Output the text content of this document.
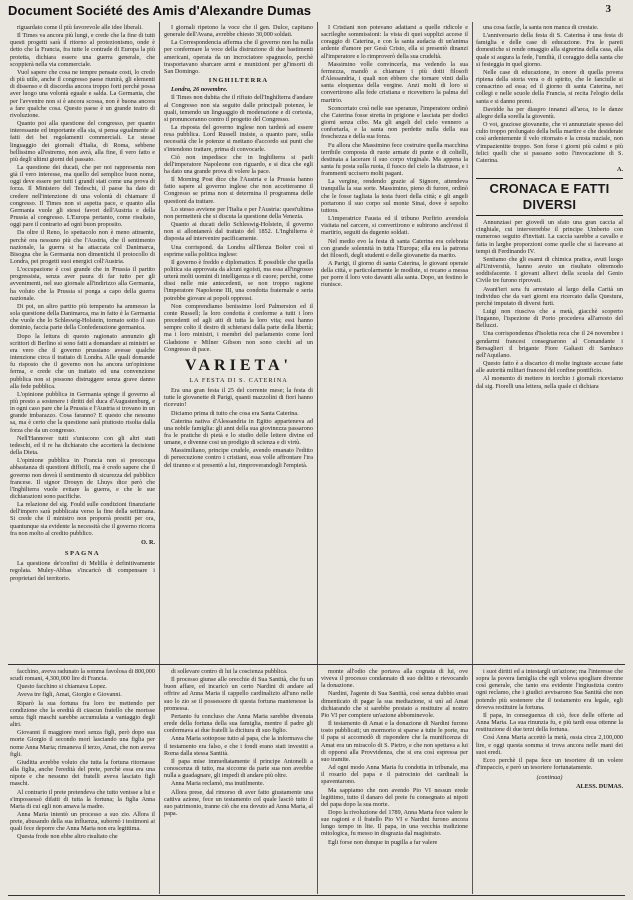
Document Société des Amis d'Alexandre Dumas	3

riguardato come il più favorevole alle idee liberali.

Il Times va ancora più lungi, e crede che la fine di tutti questi progetti sarà il ritorno al protezionismo, onde è detto che la Francia, fra tutte le contrade di Europa la più protetta, dichiara essere una guerra generale, che scoppierà nella via commerciale.

Vuol sapere che cosa ne tempre pensate costi, lo credo di più utile, anche il congresso paese riunirà, gli elementi di dissenso e di discordia ancora troppo forti perchè possa aver luogo una volontà eguale e salda. La Germania, che per l'avvenire non si è ancora scossa, non è buona ancora a fare qualche cosa. Questo paese è un grande teatro di rivoluzione.

Quanto poi alla questione del congresso, per quanto interessante ed importante ella sia, si pensa egualmente al fatti dei bei regolamenti commerciali. Le stesse linguaggio dei giornali d'Italia, di Roma, sebbene bellissimo all'estremo, non avrà, alla fine, il vero fatto e più degli ultimi giorni del passato.

La questione dei ducati, che per noi rappresenta non già il vero interesse, ma quello del semplice buon nome, oggi deve essere per tutti i grandi stati come una prova di forza. Il Ministero del Tedeschi, il paese ha dato di credere nell'intenzione di una volontà di chiamare il congresso. Il Times non si aspetta pace, e quanto alla Germania vuole gli stessi favori dell'Austria e della Prussia al congresso. L'Europa pertanto, come risultato, oggi pare il contrario ad ogni buon proposito.

Da oltre il Reno, lo spettacolo non è meno attraente, perchè ora nessuno più che l'Austria, che il sentimento nazionale, la guerra si ha attaccata col Danimarca, Bisogna che la Germania non dimentichi il protocollo di Londra, pei progetti suoi energici coll'Austria.

L'occupazione è cosi grande che in Prussia il partito progressista, senza aver paura di far tutto per gli avvenimenti, nel suo giornale all'indirizzo alla Germania, ha voluto che la Prussia si ponga a capo della guerra nazionale.

Di poi, un altro partito più temperato ha ammesso la sola questione della Danimarca, ma in fatto è la Germania che vuole che lo Schleswig-Holstein, tornato sotto il suo dominio, faccia parte della Confederazione germanica.

Dopo la lettura di questo ragionato annunzio gli scrittori di Berlino si sono fatti a domandare ai ministri se era vero che il governo prussiano avesse qualche intenzione circa il trattato di Londra. Alle quali domande fu risposto che il governo non ha ancora un'opinione ferma, e crede che un trattato ed una convenzione pubblica non si possono distruggere senza grave danno alla fede pubblica.

L'opinione pubblica in Germania spinge il governo al più presto a sostenere i diritti del duca d'Augustenburg, e in ogni caso pare che la Prussia e l'Austria si trovano in un grande imbarazzo. Cosa faranno? E questo che nessuno sa, ma è certo che la questione sarà piuttosto risolta dalla forza che da un congresso.

Nell'Hannover tutti s'uniscono con gli altri stati tedeschi, ed il re ha dichiarato che accetterà la decisione della Dieta.

L'opinione pubblica in Francia non si preoccupa abbastanza di questioni difficili, ma è credo sapere che il governo non dovrà il sentimento di sicurezza del pubblico francese. Il signor Drouyn de Lhuys dice però che l'Inghilterra vuole evitare la guerra, e che le sue dichiarazioni sono pacifiche.

La relazione del sig. Fould sulle condizioni finanziarie dell'impero sarà pubblicata verso la fine della settimana. Si crede che il ministro non proporrà prestiti per ora, quantunque sia evidente la necessità che il governo ricorra fra non molto al credito pubblico.

O. R.

SPAGNA

La questione de'confini di Melilla è definitivamente regolata. Muley-Abbas s'incaricò di compensare i proprietari del territorio.

I giornali ripetono la voce che il gen. Dulce, capitano generale dell'Avana, avrebbe chiesto 30,000 soldati.

La Correspondencia afferma che il governo non ha nulla per confermare la voce della distruzione di due bastimenti americani, operata da un incrociatore spagnuolo, perchè trasportavano sbarcare armi e munizioni per gl'insorti di San Domingo.

INGHILTERRA

Londra, 26 novembre.

Il Times non dubita che il rifiuto dell'Inghilterra d'andare al Congresso non sia seguito dalle principali potenze, le quali, temendo un linguaggio di moderazione e di cortesia, si pronunceranno contro il progetto del Congresso.

La risposta del governo inglese non tarderà ad essere resa pubblica. Lord Russell insiste, a quanto pare, sulla necessità che le potenze si mettano d'accordo sui punti che s'intendono trattare, prima di convocarle.

Ciò non impedisce che in Inghilterra si parli dell'imperatore Napoleone con riguardo, e si dica che egli ha dato una grande prova di volere la pace.

Il Morning Post dice che l'Austria e la Prussia hanno fatto sapere al governo inglese che non accetteranno il Congresso se prima non si determina il programma delle questioni da trattare.

Lo stesso avviene per l'Italia e per l'Austria: quest'ultima non permetterà che si discuta la questione della Venezia.

Quanto ai ducati dello Schleswig-Holstein, il governo non si allontanerà dal trattato del 1852. L'Inghilterra è disposta ad intervenire pacificamente.

Una corrispond. da Londra all'Ilenza Bolter così si esprime sulla politica inglese:

Il governo è freddo e diplomatico. È possibile che quella politica sia approvata da alcuni egoisti, ma essa all'ingrosso urterà molti uomini di intelligenza e di cuore; perchè, come dissi nelle mie antecedenti, se non troppo ragione l'imperatore Napoleone III, una condotta fraternale e seria potrebbe giovare ai popoli oppressi.

Non comprendiamo benissimo lord Palmerston ed il conte Russell; la loro condotta è conforme a tutti i loro precedenti ed agli atti di tutta la loro vita; essi hanno sempre colto il destro di schierarsi dalla parte della libertà; ma i loro ministri, i membri del parlamento come lord Gladstone e Milner Gibson non sono ciechi ad un Congresso di pace.

VARIETA'
LA FESTA DI S. CATERINA

Era una gran festa il 25 del corrente mese; la festa di tutte le giovanette di Parigi, quanti mazzolini di fiori hanno ricevuto!

Diciamo prima di tutto che cosa era Santa Caterina.

Caterina nativa d'Alessandria in Egitto apparteneva ad una nobile famiglia: gli anni della sua giovinezza passarono fra le pratiche di pietà e lo studio delle lettere divine ed umane, e divenne cosi un prodigio di scienza e di virtù.

Massimiliano, principe crudele, avendo emanato l'editto di persecuzione contro i cristiani, essa volle affrontare l'ira del tiranno e si presentò a lui, rimproverandogli l'empietà.

I Cristiani non potevano adattarsi a quelle ridicole e sacrileghe sommissioni: la vista di quei supplizi accese il coraggio di Caterina, e con la santa audacia di un'anima ardente d'amore per Gesù Cristo, ella si presentò dinanzi all'imperatore e lo rimproverò della sua crudeltà.

Massimino volle convincerla, ma vedendo la sua fermezza, mandò a chiamare i più dotti filosofi d'Alessandria, i quali non ebbero che tornare vinti dalla santa eloquenza della vergine. Anzi molti di loro si convertirono alla fede cristiana e ricevettero la palma del martirio.

Sconcertato così nelle sue speranze, l'imperatore ordinò che Caterina fosse stretta in prigione e lasciata per dodici giorni senza cibo. Ma gli angeli del cielo vennero a confortarla, e la santa non perdette nulla della sua freschezza e della sua forza.

Fu allora che Massimino fece costruire quella macchina terribile composta di ruote armate di punte e di coltelli, destinata a lacerare il suo corpo virginale. Ma appena la santa fu posta sulla ruota, il fuoco del cielo la distrusse, e i frammenti uccisero molti pagani.

La vergine, rendendo grazie al Signore, attendeva tranquilla la sua sorte. Massimino, pieno di furore, ordinò che le fosse tagliata la testa fuori della città; e gli angeli portarono il suo corpo sul monte Sinai, dove è sepolto tuttora.

L'imperatrice Fausta ed il tribuno Porfirio avendola visitata nel carcere, si convertirono e subirono anch'essi il martirio, seguiti da dugento soldati.

Nel medio evo la festa di santa Caterina era celebrata con grande solennità in tutta l'Europa; ella era la patrona dei filosofi, degli studenti e delle giovanette da marito.

A Parigi, il giorno di santa Caterina, le giovani operaie della città, e particolarmente le modiste, si recano a messa per porre il loro voto davanti alla santa. Dopo, un festino le riunisce.

una cosa facile, la santa non manca di crestaie.

L'anniversario della festa di S. Caterina è una festa di famiglia e delle case di educazione. Fra le pareti domestiche si rende omaggio alla signorina della casa, alla quale si augura la fede, l'umiltà, il coraggio della santa che si festeggia in quel giorno.

Nelle case di educazione, in onore di quella povera ripiena della storia vera o di spirito, che le fanciulle si consacrino ad essa; ed il giorno di santa Caterina, nei collegi e nelle scuole della Francia, si recita l'elogio della santa e si danno premi.

Davidde ha per diaspro innanzi all'arca, io le danze allegre della sorella la gioventù.

O voi, graziose giovanette, che vi annunziate spesso del culto troppo prolungato della bella martire e che desiderate così ardentemente il velo ritornato e la cresta nuziale, non v'impazientite troppo. Son forse i giorni più calmi e più felici quelli che si passano sotto l'invocazione di S. Caterina.

A.

CRONACA E FATTI DIVERSI

Annunziasi per giovedì un sfato una gran caccia al cinghiale, cui interverrebbe il principe Umberto con numeroso seguito d'invitati. La caccia sarebbe a cavallo e fatta in larghe proporzioni come quelle che si facevano ai tempi di Ferdinando IV.

Sentiamo che gli esami di chimica pratica, avuti luogo all'Università, hanno avuto un risultato oltremodo soddisfacente. I giovani allievi della scuola del Genio Civile tre furono riprovati.

Avant'ieri sera fu arrestato al largo della Carità un individuo che da vari giorni era ricercato dalla Questura, perchè imputato di diversi furti.

Luigi non riusciva che a metà, giacchè scoperto l'inganno, l'ispezione di Porto procedeva all'arresto del Belluzzi.

Una corrispondenza d'Isoletta reca che il 24 novembre i gendarmi francesi consegnarono al Comandante i Bersaglieri il brigante Fiore Galiasti di Sambuco nell'Aquilano.

Questo fatto è a discarico di molte ingiuste accuse fatte alle autorità militari francesi del confine pontificio.

Al momento di mettere in torchio i giornali riceviamo dal sig. Fiorelli una lettera, nella quale ci dichiara

facchino, aveva radunato la somma favolosa di 800,000 scudi romani, 4,300,000 lire di Francia.

Questo facchino si chiamava Lopez.

Aveva tre figli, Amat, Giorgio e Giovanni.

Riparò la sua fortuna fra loro tre mettendo per condizione che la eredità di ciascun fratello che morisse senza figli maschi sarebbe accumulata a vantaggio degli altri.

Giovanni il maggiore morì senza figli, però dopo sua morte Giorgio il secondo morì lasciando una figlia per nome Anna Maria; rimaneva il terzo, Amat, che non aveva figli.

Giuditta avrebbe voluto che tutta la fortuna ritornasse alla figlia, anche l'eredità del prete, perchè essa era una nipote e che nessuno dei fratelli aveva lasciato figli maschi.

Al contrario il prete pretendeva che tutto venisse a lui e s'impossessò difatti di tutta la fortuna; la figlia Anna Maria di cui egli non amava la madre.

Anna Maria intentò un processo a suo zio. Allora il prete, abusando della sua influenza, subornò i testimoni ai quali fece deporre che Anna Maria non era legittima.

Questa frode non ebbe altro risultato che

di sollevare contro di lui la coscienza pubblica.

Il processo giunse alle orecchie di Sua Santità, che fu un buon affare, ed incaricò un certo Nardini di andare ad offrire ad Anna Maria il cappello cardinalizio all'uno nelle suo lo zio se il possessore di questa fortuna mantenesse la promessa.

Pertanto fu concluso che Anna Maria sarebbe divenuta erede della fortuna della sua famiglia, mentre il padre gli confermava ai due fratelli la dicitura di suo figlio.

Anna Maria sottopose tutto al papa, che la informava che il testamento era falso, e che i fondi erano stati investiti a Roma dalla stessa Santità.

Il papa mise immediatamente il principe Antonelli a conoscenza di tutto, ma siccome da parte sua non avrebbe nulla a guadagnare, gli impedi di andare più oltre.

Anna Maria reclamò, ma inutilmente.

Allora prese, dal rimorso di aver fatto giustamente una cattiva azione, fece un testamento col quale lasciò tutto il suo patrimonio, tranne ciò che era dovuto ad Anna Maria, al papa.

monte all'odio che portava alla cognata di lui, ove viveva il processo condannato di suo delitto e rievocando la donazione.

Nardini, l'agente di Sua Santità, così senza dubbio erasi dimenticato di pagar la sua mediazione, si unì ad Amat dichiarando che si sarebbe prestato a restituire al nostro Pio VI per compiere un'azione abbominevole.

Il testamento di Amat e la donazione di Nardini furono tosto pubblicati; un mormorio si sparse a tutte le porte, ma il papa si accomodò di rispondere che la munificenza di Amat era un miracolo di S. Pietro, e che non spettava a lui di opporsi alla Provvidenza, che si era così espressa per suo tramite.

Ad ogni modo Anna Maria fu condotta in tribunale, ma il rosario del papa e il patrocinio dei cardinali la spaventarono.

Ma sappiamo che non avendo Pio VI nessun erede legittimo, tutto il danaro del prete fu consegnato ai nipoti del papa dopo la sua morte.

Dopo la rivoluzione del 1789, Anna Maria fece valere le sue ragioni e il fratello Pio VI e Nardini furono ancora lungo tempo in lite. Il papa, in una vecchia tradizione mitologica, fu messo in disgrazia dal magistrato.

Egli forse non dunque in pugilla a far valere

i suoi diritti ed a intestargli un'azione; ma l'interesse che sopra la povera famiglia che egli voleva spogliare divenne così generale, che tanto era evidente l'ingiustizia contro ogni reclamo, che i giudici avvisarono Sua Santità che non potendo più sostenere che il testamento era legale, egli doveva restituire la fortuna.

Il papa, in conseguenza di ciò, fece delle offerte ad Anna Maria. La sua rinunzia fu, e più tardi essa ottenne la restituzione di due terzi della fortuna.

Così Anna Maria accettò la metà, ossia circa 2,100,000 lire, e oggi questa somma si trova ancora nelle mani dei suoi eredi.

Ecco perchè il papa fece un tesoriere di un volere d'impaccio, e però un tesoriere fortunatamente.

(continua)

ALESS. DUMAS.
